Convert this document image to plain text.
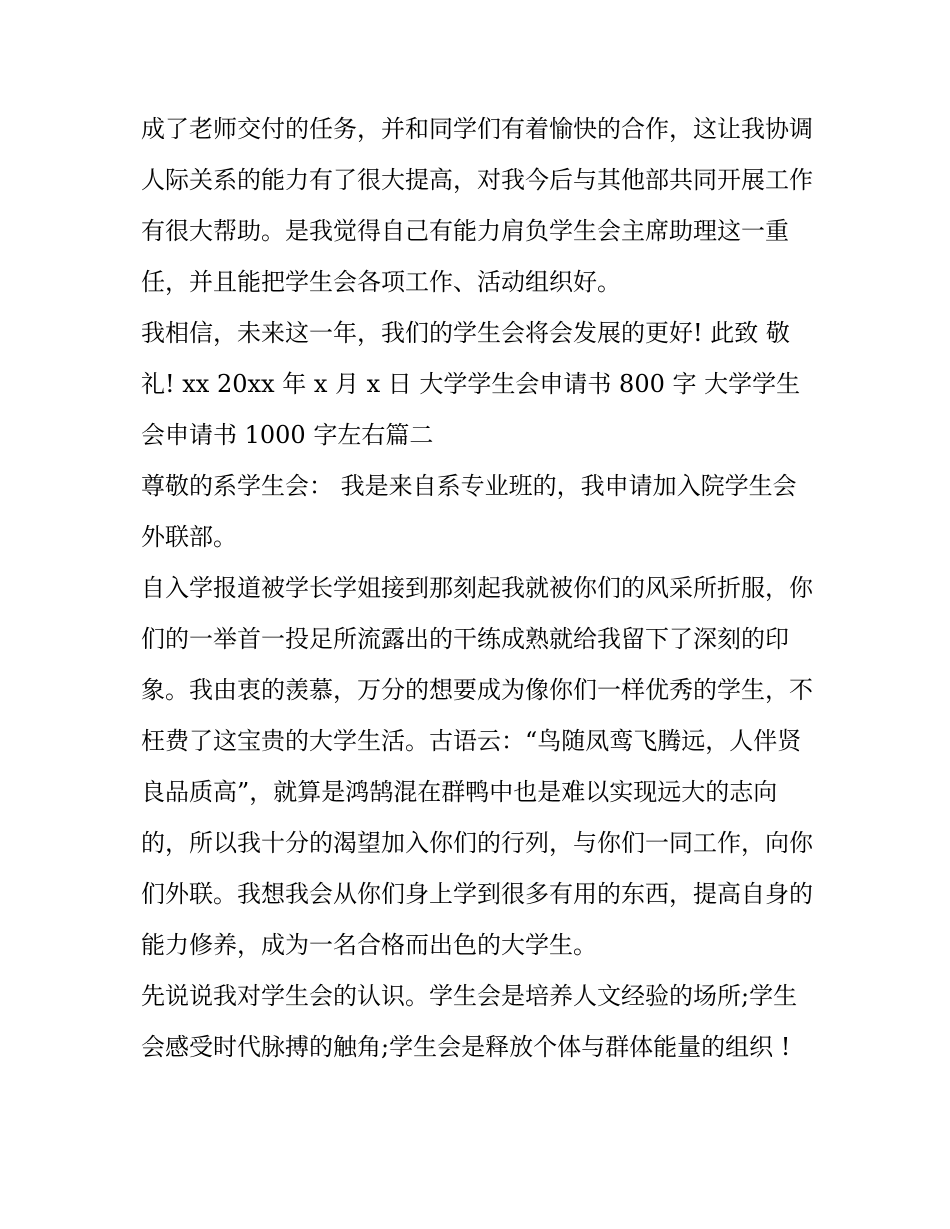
成了老师交付的任务，并和同学们有着愉快的合作，这让我协调人际关系的能力有了很大提高，对我今后与其他部共同开展工作有很大帮助。是我觉得自己有能力肩负学生会主席助理这一重任，并且能把学生会各项工作、活动组织好。

我相信，未来这一年，我们的学生会将会发展的更好! 此致 敬礼! xx 20xx 年 x 月 x 日 大学学生会申请书 800 字 大学学生会申请书 1000 字左右篇二

尊敬的系学生会： 我是来自系专业班的，我申请加入院学生会外联部。

自入学报道被学长学姐接到那刻起我就被你们的风采所折服，你们的一举首一投足所流露出的干练成熟就给我留下了深刻的印象。我由衷的羡慕，万分的想要成为像你们一样优秀的学生，不枉费了这宝贵的大学生活。古语云：“鸟随凤鸾飞腾远，人伴贤良品质高”，就算是鸿鹄混在群鸭中也是难以实现远大的志向的，所以我十分的渴望加入你们的行列，与你们一同工作，向你们外联。我想我会从你们身上学到很多有用的东西，提高自身的能力修养，成为一名合格而出色的大学生。

先说说我对学生会的认识。学生会是培养人文经验的场所;学生会感受时代脉搏的触角;学生会是释放个体与群体能量的组织 !
